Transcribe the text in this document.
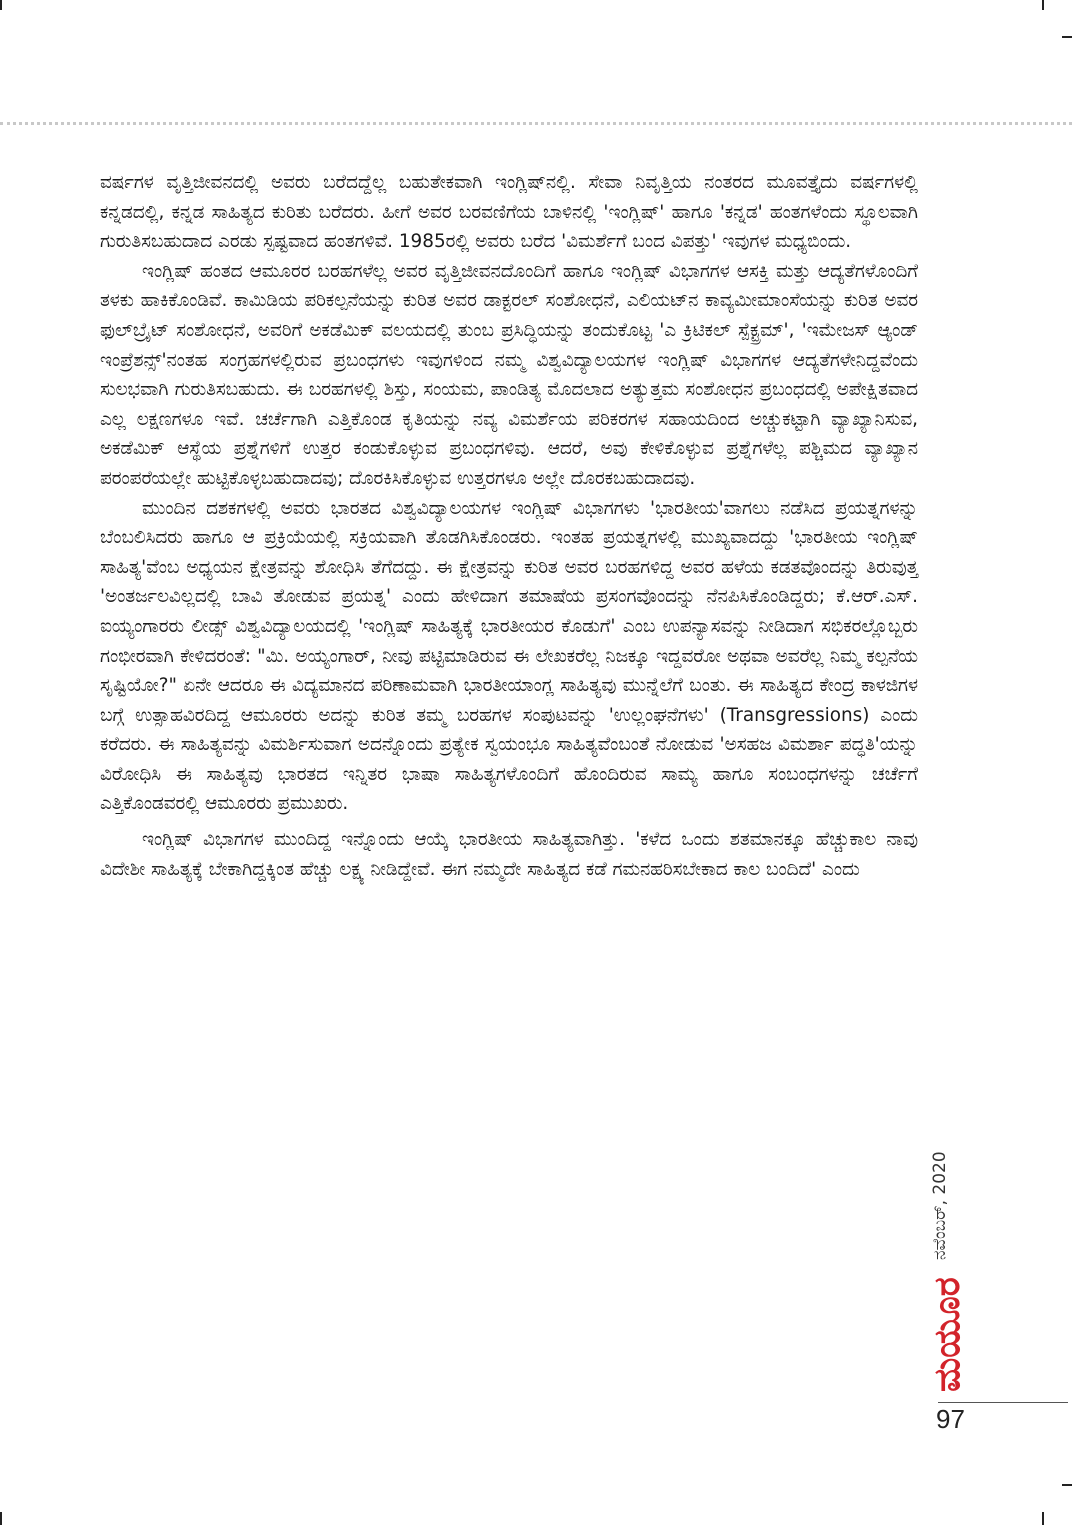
ವರ್ಷಗಳ ವೃತ್ತಿಜೀವನದಲ್ಲಿ ಅವರು ಬರೆದದ್ದೆಲ್ಲ ಬಹುತೇಕವಾಗಿ ಇಂಗ್ಲಿಷ್‌ನಲ್ಲಿ. ಸೇವಾ ನಿವೃತ್ತಿಯ ನಂತರದ ಮೂವತ್ತೈದು ವರ್ಷಗಳಲ್ಲಿ ಕನ್ನಡದಲ್ಲಿ, ಕನ್ನಡ ಸಾಹಿತ್ಯದ ಕುರಿತು ಬರೆದರು. ಹೀಗೆ ಅವರ ಬರವಣಿಗೆಯ ಬಾಳಿನಲ್ಲಿ 'ಇಂಗ್ಲಿಷ್' ಹಾಗೂ 'ಕನ್ನಡ' ಹಂತಗಳೆಂದು ಸ್ಥೂಲವಾಗಿ ಗುರುತಿಸಬಹುದಾದ ಎರಡು ಸ್ಪಷ್ಟವಾದ ಹಂತಗಳಿವೆ. 1985ರಲ್ಲಿ ಅವರು ಬರೆದ 'ವಿಮರ್ಶೆಗೆ ಬಂದ ವಿಪತ್ತು' ಇವುಗಳ ಮಧ್ಯಬಿಂದು.

ಇಂಗ್ಲಿಷ್ ಹಂತದ ಆಮೂರರ ಬರಹಗಳೆಲ್ಲ ಅವರ ವೃತ್ತಿಜೀವನದೊಂದಿಗೆ ಹಾಗೂ ಇಂಗ್ಲಿಷ್ ವಿಭಾಗಗಳ ಆಸಕ್ತಿ ಮತ್ತು ಆದ್ಯತೆಗಳೊಂದಿಗೆ ತಳಕು ಹಾಕಿಕೊಂಡಿವೆ. ಕಾಮಿಡಿಯ ಪರಿಕಲ್ಪನೆಯನ್ನು ಕುರಿತ ಅವರ ಡಾಕ್ಟರಲ್ ಸಂಶೋಧನೆ, ಎಲಿಯಟ್‌ನ ಕಾವ್ಯಮೀಮಾಂಸೆಯನ್ನು ಕುರಿತ ಅವರ ಫುಲ್‌ಬ್ರೈಟ್ ಸಂಶೋಧನೆ, ಅವರಿಗೆ ಅಕಡೆಮಿಕ್ ವಲಯದಲ್ಲಿ ತುಂಬ ಪ್ರಸಿದ್ಧಿಯನ್ನು ತಂದುಕೊಟ್ಟ 'ಎ ಕ್ರಿಟಿಕಲ್ ಸ್ಪೆಕ್ಟ್ರಮ್', 'ಇಮೇಜಸ್ ಆ್ಯಂಡ್ ಇಂಪ್ರೆಶನ್ಸ್'ನಂತಹ ಸಂಗ್ರಹಗಳಲ್ಲಿರುವ ಪ್ರಬಂಧಗಳು ಇವುಗಳಿಂದ ನಮ್ಮ ವಿಶ್ವವಿದ್ಯಾಲಯಗಳ ಇಂಗ್ಲಿಷ್ ವಿಭಾಗಗಳ ಆದ್ಯತೆಗಳೇನಿದ್ದವೆಂದು ಸುಲಭವಾಗಿ ಗುರುತಿಸಬಹುದು. ಈ ಬರಹಗಳಲ್ಲಿ ಶಿಸ್ತು, ಸಂಯಮ, ಪಾಂಡಿತ್ಯ ಮೊದಲಾದ ಅತ್ಯುತ್ತಮ ಸಂಶೋಧನ ಪ್ರಬಂಧದಲ್ಲಿ ಅಪೇಕ್ಷಿತವಾದ ಎಲ್ಲ ಲಕ್ಷಣಗಳೂ ಇವೆ. ಚರ್ಚೆಗಾಗಿ ಎತ್ತಿಕೊಂಡ ಕೃತಿಯನ್ನು ನವ್ಯ ವಿಮರ್ಶೆಯ ಪರಿಕರಗಳ ಸಹಾಯದಿಂದ ಅಚ್ಚುಕಟ್ಟಾಗಿ ವ್ಯಾಖ್ಯಾನಿಸುವ, ಅಕಡೆಮಿಕ್ ಆಸ್ಥೆಯ ಪ್ರಶ್ನೆಗಳಿಗೆ ಉತ್ತರ ಕಂಡುಕೊಳ್ಳುವ ಪ್ರಬಂಧಗಳಿವು. ಆದರೆ, ಅವು ಕೇಳಿಕೊಳ್ಳುವ ಪ್ರಶ್ನೆಗಳೆಲ್ಲ ಪಶ್ಚಿಮದ ವ್ಯಾಖ್ಯಾನ ಪರಂಪರೆಯಲ್ಲೇ ಹುಟ್ಟಿಕೊಳ್ಳಬಹುದಾದವು; ದೊರಕಿಸಿಕೊಳ್ಳುವ ಉತ್ತರಗಳೂ ಅಲ್ಲೇ ದೊರಕಬಹುದಾದವು.

ಮುಂದಿನ ದಶಕಗಳಲ್ಲಿ ಅವರು ಭಾರತದ ವಿಶ್ವವಿದ್ಯಾಲಯಗಳ ಇಂಗ್ಲಿಷ್ ವಿಭಾಗಗಳು 'ಭಾರತೀಯ'ವಾಗಲು ನಡೆಸಿದ ಪ್ರಯತ್ನಗಳನ್ನು ಬೆಂಬಲಿಸಿದರು ಹಾಗೂ ಆ ಪ್ರಕ್ರಿಯೆಯಲ್ಲಿ ಸಕ್ರಿಯವಾಗಿ ತೊಡಗಿಸಿಕೊಂಡರು. ಇಂತಹ ಪ್ರಯತ್ನಗಳಲ್ಲಿ ಮುಖ್ಯವಾದದ್ದು 'ಭಾರತೀಯ ಇಂಗ್ಲಿಷ್ ಸಾಹಿತ್ಯ'ವೆಂಬ ಅಧ್ಯಯನ ಕ್ಷೇತ್ರವನ್ನು ಶೋಧಿಸಿ ತೆಗೆದದ್ದು. ಈ ಕ್ಷೇತ್ರವನ್ನು ಕುರಿತ ಅವರ ಬರಹಗಳಿದ್ದ ಅವರ ಹಳೆಯ ಕಡತವೊಂದನ್ನು ತಿರುವುತ್ತ 'ಅಂತರ್ಜಲವಿಲ್ಲದಲ್ಲಿ ಬಾವಿ ತೋಡುವ ಪ್ರಯತ್ನ' ಎಂದು ಹೇಳಿದಾಗ ತಮಾಷೆಯ ಪ್ರಸಂಗವೊಂದನ್ನು ನೆನಪಿಸಿಕೊಂಡಿದ್ದರು; ಕೆ.ಆರ್.ಎಸ್. ಐಯ್ಯಂಗಾರರು ಲೀಡ್ಸ್ ವಿಶ್ವವಿದ್ಯಾಲಯದಲ್ಲಿ 'ಇಂಗ್ಲಿಷ್ ಸಾಹಿತ್ಯಕ್ಕೆ ಭಾರತೀಯರ ಕೊಡುಗೆ' ಎಂಬ ಉಪನ್ಯಾಸವನ್ನು ನೀಡಿದಾಗ ಸಭಿಕರಲ್ಲೊಬ್ಬರು ಗಂಭೀರವಾಗಿ ಕೇಳಿದರಂತೆ: "ಮಿ. ಅಯ್ಯಂಗಾರ್, ನೀವು ಪಟ್ಟಿಮಾಡಿರುವ ಈ ಲೇಖಕರೆಲ್ಲ ನಿಜಕ್ಕೂ ಇದ್ದವರೋ ಅಥವಾ ಅವರೆಲ್ಲ ನಿಮ್ಮ ಕಲ್ಪನೆಯ ಸೃಷ್ಟಿಯೋ?" ಏನೇ ಆದರೂ ಈ ವಿದ್ಯಮಾನದ ಪರಿಣಾಮವಾಗಿ ಭಾರತೀಯಾಂಗ್ಲ ಸಾಹಿತ್ಯವು ಮುನ್ನೆಲೆಗೆ ಬಂತು. ಈ ಸಾಹಿತ್ಯದ ಕೇಂದ್ರ ಕಾಳಜಿಗಳ ಬಗ್ಗೆ ಉತ್ಸಾಹವಿರದಿದ್ದ ಆಮೂರರು ಅದನ್ನು ಕುರಿತ ತಮ್ಮ ಬರಹಗಳ ಸಂಪುಟವನ್ನು 'ಉಲ್ಲಂಘನೆಗಳು' (Transgressions) ಎಂದು ಕರೆದರು. ಈ ಸಾಹಿತ್ಯವನ್ನು ವಿಮರ್ಶಿಸುವಾಗ ಅದನ್ನೊಂದು ಪ್ರತ್ಯೇಕ ಸ್ವಯಂಭೂ ಸಾಹಿತ್ಯವೆಂಬಂತೆ ನೋಡುವ 'ಅಸಹಜ ವಿಮರ್ಶಾ ಪದ್ಧತಿ'ಯನ್ನು ವಿರೋಧಿಸಿ ಈ ಸಾಹಿತ್ಯವು ಭಾರತದ ಇನ್ನಿತರ ಭಾಷಾ ಸಾಹಿತ್ಯಗಳೊಂದಿಗೆ ಹೊಂದಿರುವ ಸಾಮ್ಯ ಹಾಗೂ ಸಂಬಂಧಗಳನ್ನು ಚರ್ಚೆಗೆ ಎತ್ತಿಕೊಂಡವರಲ್ಲಿ ಆಮೂರರು ಪ್ರಮುಖರು.

ಇಂಗ್ಲಿಷ್ ವಿಭಾಗಗಳ ಮುಂದಿದ್ದ ಇನ್ನೊಂದು ಆಯ್ಕೆ ಭಾರತೀಯ ಸಾಹಿತ್ಯವಾಗಿತ್ತು. 'ಕಳೆದ ಒಂದು ಶತಮಾನಕ್ಕೂ ಹೆಚ್ಚುಕಾಲ ನಾವು ವಿದೇಶೀ ಸಾಹಿತ್ಯಕ್ಕೆ ಬೇಕಾಗಿದ್ದಕ್ಕಿಂತ ಹೆಚ್ಚು ಲಕ್ಷ್ಯ ನೀಡಿದ್ದೇವೆ. ಈಗ ನಮ್ಮದೇ ಸಾಹಿತ್ಯದ ಕಡೆ ಗಮನಹರಿಸಬೇಕಾದ ಕಾಲ ಬಂದಿದೆ' ಎಂದು

ನವೆಂಬರ್, 2020
ಮಯೂರ
97
